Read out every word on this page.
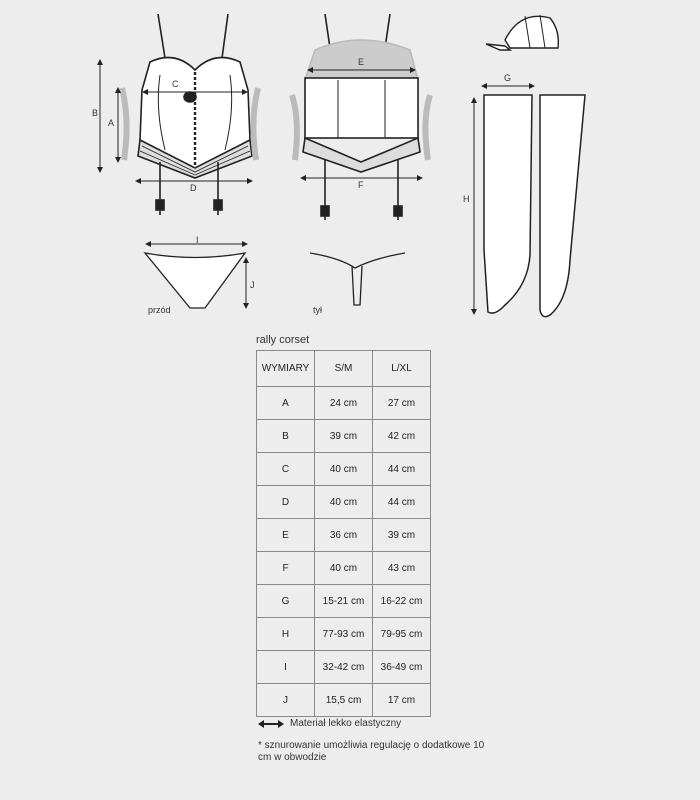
B
A
C
D
E
F
G
H
I
J
przód	tył
rally corset
WYMIARY	S/M	L/XL
A	24 cm	27 cm
B	39 cm	42 cm
C	40 cm	44 cm
D	40 cm	44 cm
E	36 cm	39 cm
F	40 cm	43 cm
G	15-21 cm	16-22 cm
H	77-93 cm	79-95 cm
I	32-42 cm	36-49 cm
J	15,5 cm	17 cm
Materiał lekko elastyczny
* sznurowanie umożliwia regulację o dodatkowe 10 cm w obwodzie
